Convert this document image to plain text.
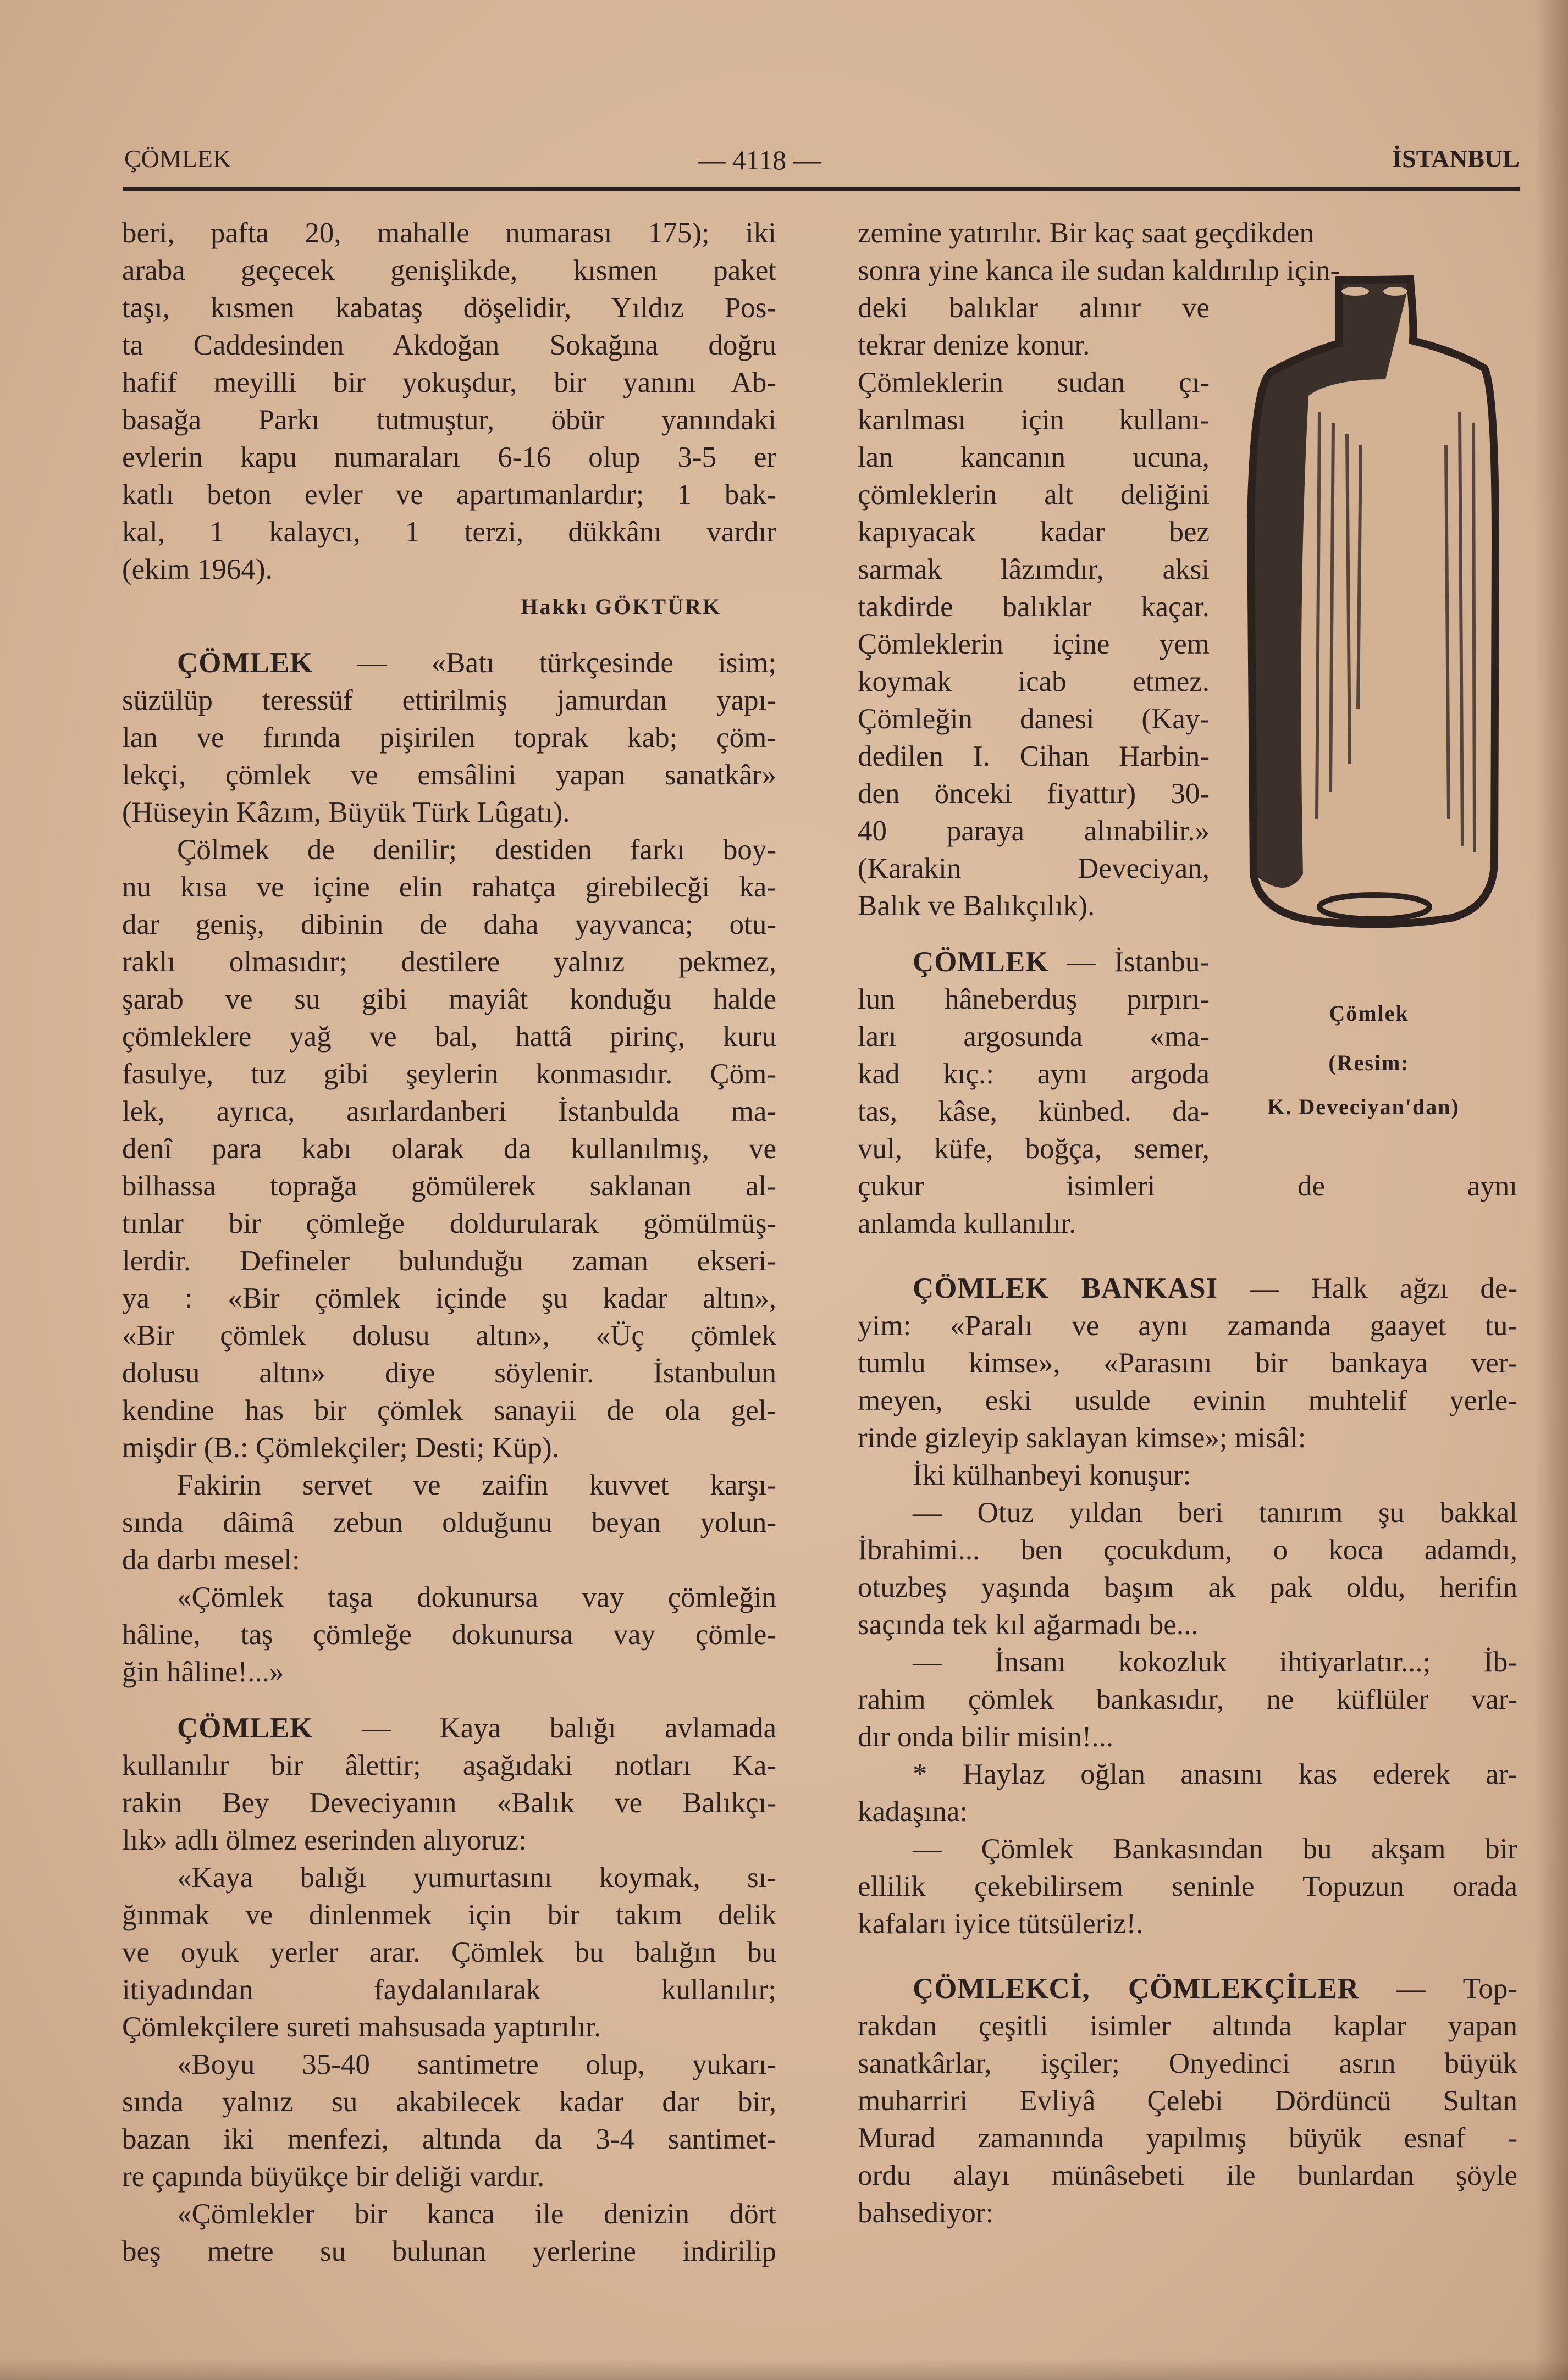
ÇÖMLEK	— 4118 —	İSTANBUL
beri, pafta 20, mahalle numarası 175); iki
araba geçecek genişlikde, kısmen paket
taşı, kısmen kabataş döşelidir, Yıldız Pos-
ta Caddesinden Akdoğan Sokağına doğru
hafif meyilli bir yokuşdur, bir yanını Ab-
basağa Parkı tutmuştur, öbür yanındaki
evlerin kapu numaraları 6-16 olup 3-5 er
katlı beton evler ve apartımanlardır; 1 bak-
kal, 1 kalaycı, 1 terzi, dükkânı vardır
(ekim 1964).
Hakkı GÖKTÜRK
ÇÖMLEK — «Batı türkçesinde isim;
süzülüp teressüf ettirilmiş jamurdan yapı-
lan ve fırında pişirilen toprak kab; çöm-
lekçi, çömlek ve emsâlini yapan sanatkâr»
(Hüseyin Kâzım, Büyük Türk Lûgatı).
Çölmek de denilir; destiden farkı boy-
nu kısa ve içine elin rahatça girebilecği ka-
dar geniş, dibinin de daha yayvanca; otu-
raklı olmasıdır; destilere yalnız pekmez,
şarab ve su gibi mayiât konduğu halde
çömleklere yağ ve bal, hattâ pirinç, kuru
fasulye, tuz gibi şeylerin konmasıdır. Çöm-
lek, ayrıca, asırlardanberi İstanbulda ma-
denî para kabı olarak da kullanılmış, ve
bilhassa toprağa gömülerek saklanan al-
tınlar bir çömleğe doldurularak gömülmüş-
lerdir. Defineler bulunduğu zaman ekseri-
ya : «Bir çömlek içinde şu kadar altın»,
«Bir çömlek dolusu altın», «Üç çömlek
dolusu altın» diye söylenir. İstanbulun
kendine has bir çömlek sanayii de ola gel-
mişdir (B.: Çömlekçiler; Desti; Küp).
Fakirin servet ve zaifin kuvvet karşı-
sında dâimâ zebun olduğunu beyan yolun-
da darbı mesel:
«Çömlek taşa dokunursa vay çömleğin
hâline, taş çömleğe dokunursa vay çömle-
ğin hâline!...»
ÇÖMLEK — Kaya balığı avlamada
kullanılır bir âlettir; aşağıdaki notları Ka-
rakin Bey Deveciyanın «Balık ve Balıkçı-
lık» adlı ölmez eserinden alıyoruz:
«Kaya balığı yumurtasını koymak, sı-
ğınmak ve dinlenmek için bir takım delik
ve oyuk yerler arar. Çömlek bu balığın bu
itiyadından faydalanılarak kullanılır;
Çömlekçilere sureti mahsusada yaptırılır.
«Boyu 35-40 santimetre olup, yukarı-
sında yalnız su akabilecek kadar dar bir,
bazan iki menfezi, altında da 3-4 santimet-
re çapında büyükçe bir deliği vardır.
«Çömlekler bir kanca ile denizin dört
beş metre su bulunan yerlerine indirilip
Çömlek
(Resim:
K. Deveciyan'dan)
zemine yatırılır. Bir kaç saat geçdikden
sonra yine kanca ile sudan kaldırılıp için-
deki balıklar alınır ve
tekrar denize konur.
Çömleklerin sudan çı-
karılması için kullanı-
lan kancanın ucuna,
çömleklerin alt deliğini
kapıyacak kadar bez
sarmak lâzımdır, aksi
takdirde balıklar kaçar.
Çömleklerin içine yem
koymak icab etmez.
Çömleğin danesi (Kay-
dedilen I. Cihan Harbin-
den önceki fiyattır) 30-
40 paraya alınabilir.»
(Karakin Deveciyan,
Balık ve Balıkçılık).
ÇÖMLEK — İstanbu-
lun hâneberduş pırpırı-
ları argosunda «ma-
kad kıç.: aynı argoda
tas, kâse, künbed. da-
vul, küfe, boğça, semer,
çukur isimleri de aynı
anlamda kullanılır.
ÇÖMLEK BANKASI — Halk ağzı de-
yim: «Paralı ve aynı zamanda gaayet tu-
tumlu kimse», «Parasını bir bankaya ver-
meyen, eski usulde evinin muhtelif yerle-
rinde gizleyip saklayan kimse»; misâl:
İki külhanbeyi konuşur:
— Otuz yıldan beri tanırım şu bakkal
İbrahimi... ben çocukdum, o koca adamdı,
otuzbeş yaşında başım ak pak oldu, herifin
saçında tek kıl ağarmadı be...
— İnsanı kokozluk ihtiyarlatır...; İb-
rahim çömlek bankasıdır, ne küflüler var-
dır onda bilir misin!...
* Haylaz oğlan anasını kas ederek ar-
kadaşına:
— Çömlek Bankasından bu akşam bir
ellilik çekebilirsem seninle Topuzun orada
kafaları iyice tütsüleriz!.
ÇÖMLEKCİ, ÇÖMLEKÇİLER — Top-
rakdan çeşitli isimler altında kaplar yapan
sanatkârlar, işçiler; Onyedinci asrın büyük
muharriri Evliyâ Çelebi Dördüncü Sultan
Murad zamanında yapılmış büyük esnaf -
ordu alayı münâsebeti ile bunlardan şöyle
bahsediyor:
